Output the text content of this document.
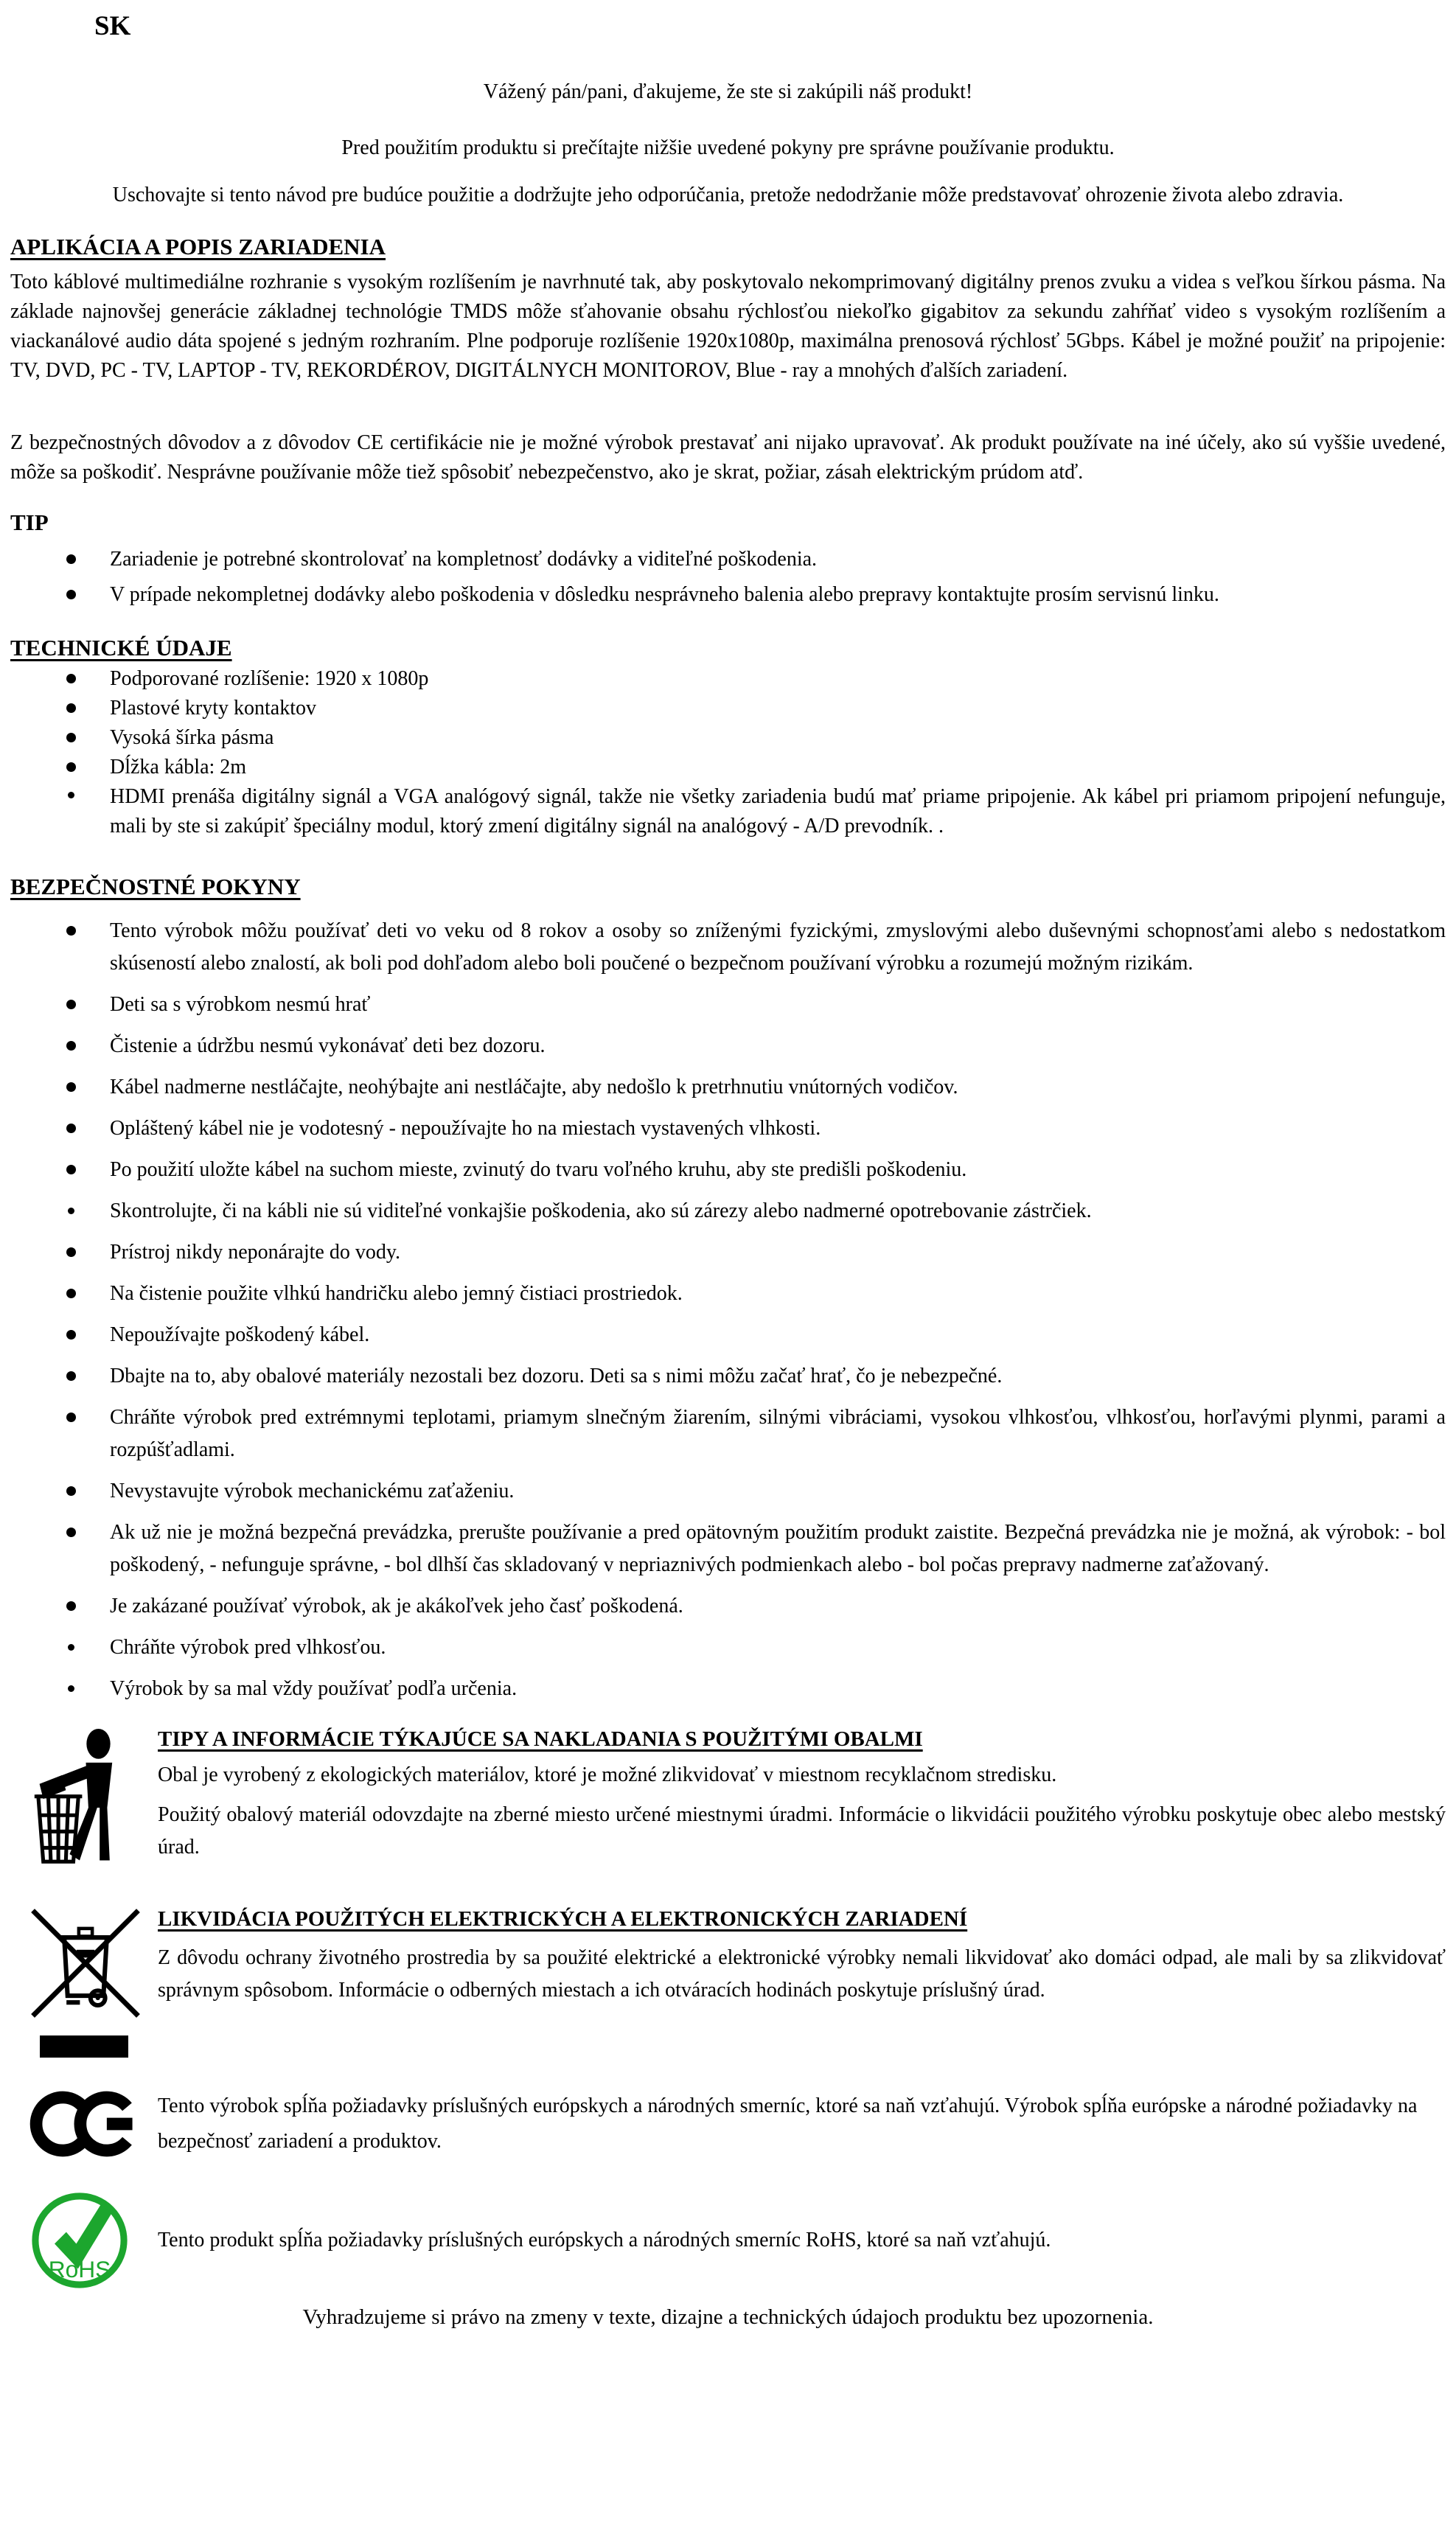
SK

Vážený pán/pani, ďakujeme, že ste si zakúpili náš produkt!

Pred použitím produktu si prečítajte nižšie uvedené pokyny pre správne používanie produktu.

Uschovajte si tento návod pre budúce použitie a dodržujte jeho odporúčania, pretože nedodržanie môže predstavovať ohrozenie života alebo zdravia.

APLIKÁCIA A POPIS ZARIADENIA

Toto káblové multimediálne rozhranie s vysokým rozlíšením je navrhnuté tak, aby poskytovalo nekomprimovaný digitálny prenos zvuku a videa s veľkou šírkou pásma. Na základe najnovšej generácie základnej technológie TMDS môže sťahovanie obsahu rýchlosťou niekoľko gigabitov za sekundu zahŕňať video s vysokým rozlíšením a viackanálové audio dáta spojené s jedným rozhraním. Plne podporuje rozlíšenie 1920x1080p, maximálna prenosová rýchlosť 5Gbps. Kábel je možné použiť na pripojenie: TV, DVD, PC - TV, LAPTOP - TV, REKORDÉROV, DIGITÁLNYCH MONITOROV, Blue - ray a mnohých ďalších zariadení.

Z bezpečnostných dôvodov a z dôvodov CE certifikácie nie je možné výrobok prestavať ani nijako upravovať. Ak produkt používate na iné účely, ako sú vyššie uvedené, môže sa poškodiť. Nesprávne používanie môže tiež spôsobiť nebezpečenstvo, ako je skrat, požiar, zásah elektrickým prúdom atď.

TIP
Zariadenie je potrebné skontrolovať na kompletnosť dodávky a viditeľné poškodenia.
V prípade nekompletnej dodávky alebo poškodenia v dôsledku nesprávneho balenia alebo prepravy kontaktujte prosím servisnú linku.
TECHNICKÉ ÚDAJE
Podporované rozlíšenie: 1920 x 1080p
Plastové kryty kontaktov
Vysoká šírka pásma
Dĺžka kábla: 2m
HDMI prenáša digitálny signál a VGA analógový signál, takže nie všetky zariadenia budú mať priame pripojenie. Ak kábel pri priamom pripojení nefunguje, mali by ste si zakúpiť špeciálny modul, ktorý zmení digitálny signál na analógový - A/D prevodník. .
BEZPEČNOSTNÉ POKYNY
Tento výrobok môžu používať deti vo veku od 8 rokov a osoby so zníženými fyzickými, zmyslovými alebo duševnými schopnosťami alebo s nedostatkom skúseností alebo znalostí, ak boli pod dohľadom alebo boli poučené o bezpečnom používaní výrobku a rozumejú možným rizikám.
Deti sa s výrobkom nesmú hrať
Čistenie a údržbu nesmú vykonávať deti bez dozoru.
Kábel nadmerne nestláčajte, neohýbajte ani nestláčajte, aby nedošlo k pretrhnutiu vnútorných vodičov.
Opláštený kábel nie je vodotesný - nepoužívajte ho na miestach vystavených vlhkosti.
Po použití uložte kábel na suchom mieste, zvinutý do tvaru voľného kruhu, aby ste predišli poškodeniu.
Skontrolujte, či na kábli nie sú viditeľné vonkajšie poškodenia, ako sú zárezy alebo nadmerné opotrebovanie zástrčiek.
Prístroj nikdy neponárajte do vody.
Na čistenie použite vlhkú handričku alebo jemný čistiaci prostriedok.
Nepoužívajte poškodený kábel.
Dbajte na to, aby obalové materiály nezostali bez dozoru. Deti sa s nimi môžu začať hrať, čo je nebezpečné.
Chráňte výrobok pred extrémnymi teplotami, priamym slnečným žiarením, silnými vibráciami, vysokou vlhkosťou, vlhkosťou, horľavými plynmi, parami a rozpúšťadlami.
Nevystavujte výrobok mechanickému zaťaženiu.
Ak už nie je možná bezpečná prevádzka, prerušte používanie a pred opätovným použitím produkt zaistite. Bezpečná prevádzka nie je možná, ak výrobok: - bol poškodený, - nefunguje správne, - bol dlhší čas skladovaný v nepriaznivých podmienkach alebo - bol počas prepravy nadmerne zaťažovaný.
Je zakázané používať výrobok, ak je akákoľvek jeho časť poškodená.
Chráňte výrobok pred vlhkosťou.
Výrobok by sa mal vždy používať podľa určenia.
TIPY A INFORMÁCIE TÝKAJÚCE SA NAKLADANIA S POUŽITÝMI OBALMI

Obal je vyrobený z ekologických materiálov, ktoré je možné zlikvidovať v miestnom recyklačnom stredisku.

Použitý obalový materiál odovzdajte na zberné miesto určené miestnymi úradmi. Informácie o likvidácii použitého výrobku poskytuje obec alebo mestský úrad.

LIKVIDÁCIA POUŽITÝCH ELEKTRICKÝCH A ELEKTRONICKÝCH ZARIADENÍ

Z dôvodu ochrany životného prostredia by sa použité elektrické a elektronické výrobky nemali likvidovať ako domáci odpad, ale mali by sa zlikvidovať správnym spôsobom. Informácie o odberných miestach a ich otváracích hodinách poskytuje príslušný úrad.

Tento výrobok spĺňa požiadavky príslušných európskych a národných smerníc, ktoré sa naň vzťahujú. Výrobok spĺňa európske a národné požiadavky na bezpečnosť zariadení a produktov.

RoHS

Tento produkt spĺňa požiadavky príslušných európskych a národných smerníc RoHS, ktoré sa naň vzťahujú.

Vyhradzujeme si právo na zmeny v texte, dizajne a technických údajoch produktu bez upozornenia.
